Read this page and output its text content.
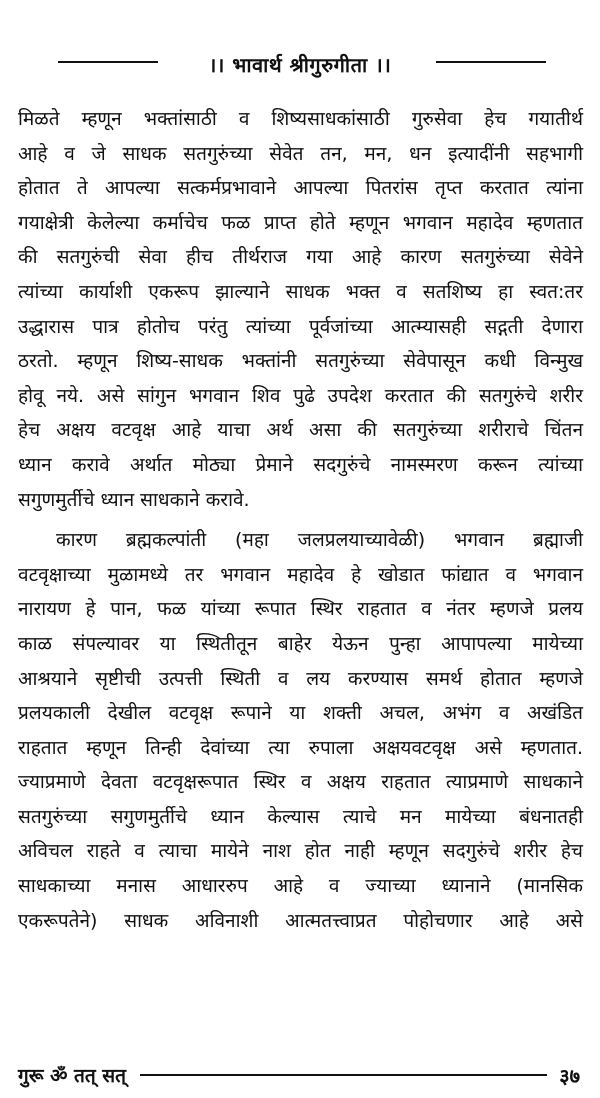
।। भावार्थ श्रीगुरुगीता ।।
मिळते म्हणून भक्तांसाठी व शिष्यसाधकांसाठी गुरुसेवा हेच गयातीर्थ
आहे व जे साधक सतगुरुंच्या सेवेत तन, मन, धन इत्यादींनी सहभागी
होतात ते आपल्या सत्कर्मप्रभावाने आपल्या पितरांस तृप्त करतात त्यांना
गयाक्षेत्री केलेल्या कर्माचेच फळ प्राप्त होते म्हणून भगवान महादेव म्हणतात
की सतगुरुंची सेवा हीच तीर्थराज गया आहे कारण सतगुरुंच्या सेवेने
त्यांच्या कार्याशी एकरूप झाल्याने साधक भक्त व सतशिष्य हा स्वत:तर
उद्धारास पात्र होतोच परंतु त्यांच्या पूर्वजांच्या आत्म्यासही सद्गती देणारा
ठरतो. म्हणून शिष्य-साधक भक्तांनी सतगुरुंच्या सेवेपासून कधी विन्मुख
होवू नये. असे सांगुन भगवान शिव पुढे उपदेश करतात की सतगुरुंचे शरीर
हेच अक्षय वटवृक्ष आहे याचा अर्थ असा की सतगुरुंच्या शरीराचे चिंतन
ध्यान करावे अर्थात मोठ्या प्रेमाने सदगुरुंचे नामस्मरण करून त्यांच्या
सगुणमुर्तीचे ध्यान साधकाने करावे.
कारण ब्रह्मकल्पांती (महा जलप्रलयाच्यावेळी) भगवान ब्रह्माजी
वटवृक्षाच्या मुळामध्ये तर भगवान महादेव हे खोडात फांद्यात व भगवान
नारायण हे पान, फळ यांच्या रूपात स्थिर राहतात व नंतर म्हणजे प्रलय
काळ संपल्यावर या स्थितीतून बाहेर येऊन पुन्हा आपापल्या मायेच्या
आश्रयाने सृष्टीची उत्पत्ती स्थिती व लय करण्यास समर्थ होतात म्हणजे
प्रलयकाली देखील वटवृक्ष रूपाने या शक्ती अचल, अभंग व अखंडित
राहतात म्हणून तिन्ही देवांच्या त्या रुपाला अक्षयवटवृक्ष असे म्हणतात.
ज्याप्रमाणे देवता वटवृक्षरूपात स्थिर व अक्षय राहतात त्याप्रमाणे साधकाने
सतगुरुंच्या सगुणमुर्तीचे ध्यान केल्यास त्याचे मन मायेच्या बंधनातही
अविचल राहते व त्याचा मायेने नाश होत नाही म्हणून सदगुरुंचे शरीर हेच
साधकाच्या मनास आधाररुप आहे व ज्याच्या ध्यानाने (मानसिक
एकरूपतेने) साधक अविनाशी आत्मतत्त्वाप्रत पोहोचणार आहे असे
गुरू ॐ तत् सत्	३७
